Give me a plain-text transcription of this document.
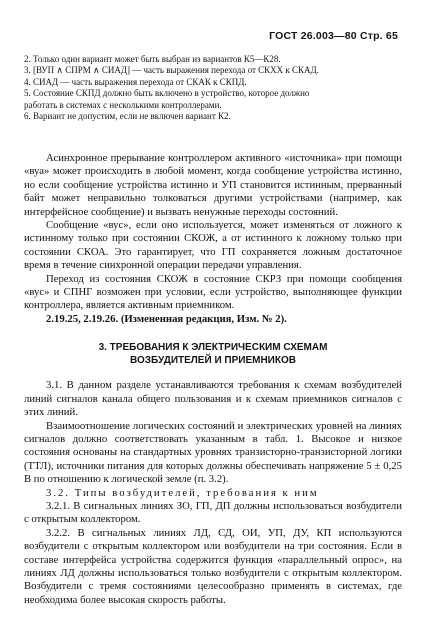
ГОСТ 26.003—80 Стр. 65

2. Только один вариант может быть выбран из вариантов К5—К28.

3. [ВУП ∧ СПРМ ∧ СИАД] — часть выражения перехода от СКХХ к СКАД.

4. СИАД — часть выражения перехода от СКАК к СКПД.

5. Состояние СКПД должно быть включено в устройство, которое должно

работать в системах с несколькими контроллерами.

6. Вариант не допустим, если не включен вариант К2.

Асинхронное прерывание контроллером активного «источника» при помощи «вуа» может происходить в любой момент, когда сообщение устройства истинно, но если сообщение устройства истинно и УП становится истинным, прерванный байт может неправильно толковаться другими устройствами (например, как интерфейсное сообщение) и вызвать ненужные переходы состояний.

Сообщение «вус», если оно используется, может изменяться от ложного к истинному только при состоянии СКОЖ, а от истинного к ложному только при состоянии СКОА. Это гарантирует, что ГП сохраняется ложным достаточное время в течение синхронной операции передачи управления.

Переход из состояния СКОЖ в состояние СКРЗ при помощи сообщения «вус» и СПНГ возможен при условии, если устройство, выполняющее функции контроллера, является активным приемником.

2.19.25, 2.19.26. (Измененная редакция, Изм. № 2).

3. ТРЕБОВАНИЯ К ЭЛЕКТРИЧЕСКИМ СХЕМАМ
ВОЗБУДИТЕЛЕЙ И ПРИЕМНИКОВ

3.1. В данном разделе устанавливаются требования к схемам возбудителей линий сигналов канала общего пользования и к схемам приемников сигналов с этих линий.

Взаимоотношение логических состояний и электрических уровней на линиях сигналов должно соответствовать указанным в табл. 1. Высокое и низкое состояния основаны на стандартных уровнях транзисторно-транзисторной логики (ТТЛ), источники питания для которых должны обеспечивать напряжение 5 ± 0,25 В по отношению к логической земле (п. 3.2).

3.2. Типы возбудителей, требования к ним

3.2.1. В сигнальных линиях ЗО, ГП, ДП должны использоваться возбудители с открытым коллектором.

3.2.2. В сигнальных линиях ЛД, СД, ОИ, УП, ДУ, КП используются возбудители с открытым коллектором или возбудители на три состояния. Если в составе интерфейса устройства содержится функция «параллельный опрос», на линиях ЛД должны использоваться только возбудители с открытым коллектором. Возбудители с тремя состояниями целесообразно применять в системах, где необходима более высокая скорость работы.
